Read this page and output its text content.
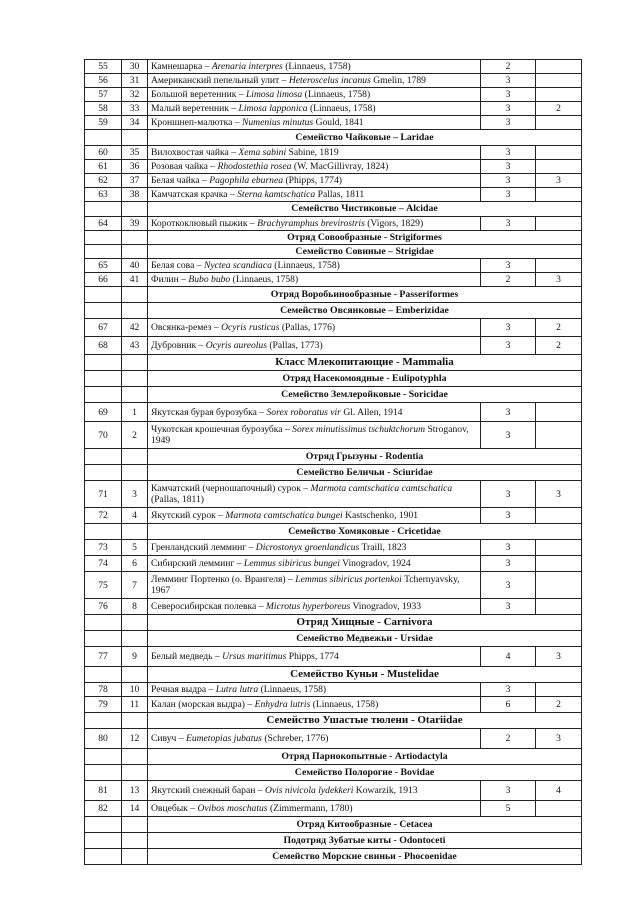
55	30	Камнешарка – Arenaria interpres (Linnaeus, 1758)	2	
56	31	Американский пепельный улит – Heteroscelus incanus Gmelin, 1789	3	
57	32	Большой веретенник – Limosa limosa (Linnaeus, 1758)	3	
58	33	Малый веретенник – Limosa lapponica (Linnaeus, 1758)	3	2
59	34	Кроншнеп-малютка – Numenius minutus Gould, 1841	3	
		Семейство Чайковые – Laridae		
60	35	Вилохвостая чайка – Xema sabini Sabine, 1819	3	
61	36	Розовая чайка – Rhodostethia rosea (W. MacGillivray, 1824)	3	
62	37	Белая чайка – Pagophila eburnea (Phipps, 1774)	3	3
63	38	Камчатская крачка – Sterna kamtschatica Pallas, 1811	3	
		Семейство Чистиковые – Alcidae		
64	39	Короткоклювый пыжик – Brachyramphus brevirostris (Vigors, 1829)	3	
		Отряд Совообразные - Strigiformes		
		Семейство Совиные – Strigidae		
65	40	Белая сова – Nyctea scandiaca (Linnaeus, 1758)	3	
66	41	Филин – Bubo bubo (Linnaeus, 1758)	2	3
		Отряд Воробьинообразные - Passeriformes		
		Семейство Овсянковые – Emberizidae		
67	42	Овсянка-ремез – Ocyris rusticus (Pallas, 1776)	3	2
68	43	Дубровник – Ocyris aureolus (Pallas, 1773)	3	2
		Класс Млекопитающие - Mammalia		
		Отряд Насекомоядные - Eulipotyphla		
		Семейство Землеройковые - Soricidae		
69	1	Якутская бурая бурозубка – Sorex roboratus vir Gl. Allen, 1914	3	
70	2	Чукотская крошечная бурозубка – Sorex minutissimus tschuktchorum Stroganov, 1949	3	
		Отряд Грызуны - Rodentia		
		Семейство Беличьи - Sciuridae		
71	3	Камчатский (черношапочный) сурок – Marmota camtschatica camtschatica (Pallas, 1811)	3	3
72	4	Якутский сурок – Marmota camtschatica bungei Kastschenko, 1901	3	
		Семейство Хомяковые - Cricetidae		
73	5	Гренландский лемминг – Dicrostonyx groenlandicus Traill, 1823	3	
74	6	Сибирский лемминг – Lemmus sibiricus bungei Vinogradov, 1924	3	
75	7	Лемминг Портенко (о. Врангеля) – Lemmus sibiricus portenkoi Tchernyavsky, 1967	3	
76	8	Североcибирская полевка – Microtus hyperboreus Vinogradov, 1933	3	
		Отряд Хищные - Carnivora		
		Семейство Медвежьи - Ursidae		
77	9	Белый медведь – Ursus maritimus Phipps, 1774	4	3
		Семейство Куньи - Mustelidae		
78	10	Речная выдра – Lutra lutra (Linnaeus, 1758)	3	
79	11	Калан (морская выдра) – Enhydra lutris (Linnaeus, 1758)	6	2
		Семейство Ушастые тюлени - Otariidae		
80	12	Сивуч – Eumetopias jubatus (Schreber, 1776)	2	3
		Отряд Парнокопытные - Artiodactyla		
		Семейство Полорогие - Bovidae		
81	13	Якутский снежный баран – Ovis nivicola lydekkeri Kowarzik, 1913	3	4
82	14	Овцебык – Ovibos moschatus (Zimmermann, 1780)	5	
		Отряд Китообразные - Cetacea		
		Подотряд Зубатые киты - Odontoceti		
		Семейство Морские свиньи - Phocoenidae		
